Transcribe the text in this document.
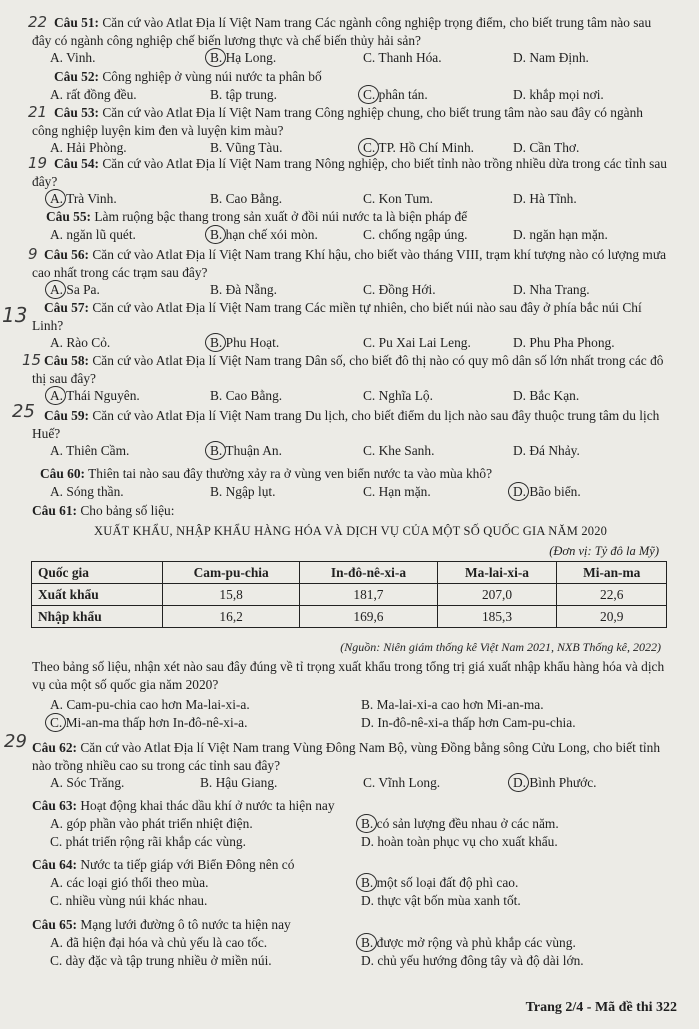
22 Câu 51: Căn cứ vào Atlat Địa lí Việt Nam trang Các ngành công nghiệp trọng điểm, cho biết trung tâm nào sau đây có ngành công nghiệp chế biến lương thực và chế biến thủy hải sản?
A. Vinh.	B. Hạ Long.	C. Thanh Hóa.	D. Nam Định.
Câu 52: Công nghiệp ở vùng núi nước ta phân bố
A. rất đồng đều.	B. tập trung.	C. phân tán.	D. khắp mọi nơi.
21 Câu 53: Căn cứ vào Atlat Địa lí Việt Nam trang Công nghiệp chung, cho biết trung tâm nào sau đây có ngành công nghiệp luyện kim đen và luyện kim màu?
A. Hải Phòng.	B. Vũng Tàu.	C. TP. Hồ Chí Minh.	D. Cần Thơ.
19 Câu 54: Căn cứ vào Atlat Địa lí Việt Nam trang Nông nghiệp, cho biết tỉnh nào trồng nhiều dừa trong các tỉnh sau đây?
A. Trà Vinh.	B. Cao Bằng.	C. Kon Tum.	D. Hà Tĩnh.
Câu 55: Làm ruộng bậc thang trong sản xuất ở đồi núi nước ta là biện pháp để
A. ngăn lũ quét.	B. hạn chế xói mòn.	C. chống ngập úng.	D. ngăn hạn mặn.
9 Câu 56: Căn cứ vào Atlat Địa lí Việt Nam trang Khí hậu, cho biết vào tháng VIII, trạm khí tượng nào có lượng mưa cao nhất trong các trạm sau đây?
A. Sa Pa.	B. Đà Nẵng.	C. Đồng Hới.	D. Nha Trang.
13	Câu 57: Căn cứ vào Atlat Địa lí Việt Nam trang Các miền tự nhiên, cho biết núi nào sau đây ở phía bắc núi Chí Linh?
A. Rào Cỏ.	B. Phu Hoạt.	C. Pu Xai Lai Leng.	D. Phu Pha Phong.
15 Câu 58: Căn cứ vào Atlat Địa lí Việt Nam trang Dân số, cho biết đô thị nào có quy mô dân số lớn nhất trong các đô thị sau đây?
A. Thái Nguyên.	B. Cao Bằng.	C. Nghĩa Lộ.	D. Bắc Kạn.
25 Câu 59: Căn cứ vào Atlat Địa lí Việt Nam trang Du lịch, cho biết điểm du lịch nào sau đây thuộc trung tâm du lịch Huế?
A. Thiên Cầm.	B. Thuận An.	C. Khe Sanh.	D. Đá Nhảy.
Câu 60: Thiên tai nào sau đây thường xảy ra ở vùng ven biển nước ta vào mùa khô?
A. Sóng thần.	B. Ngập lụt.	C. Hạn mặn.	D. Bão biển.
Câu 61: Cho bảng số liệu:
XUẤT KHẨU, NHẬP KHẨU HÀNG HÓA VÀ DỊCH VỤ CỦA MỘT SỐ QUỐC GIA NĂM 2020
(Đơn vị: Tỷ đô la Mỹ)
Quốc gia	Cam-pu-chia	In-đô-nê-xi-a	Ma-lai-xi-a	Mi-an-ma
Xuất khẩu	15,8	181,7	207,0	22,6
Nhập khẩu	16,2	169,6	185,3	20,9
(Nguồn: Niên giám thống kê Việt Nam 2021, NXB Thống kê, 2022)
Theo bảng số liệu, nhận xét nào sau đây đúng về tỉ trọng xuất khẩu trong tổng trị giá xuất nhập khẩu hàng hóa và dịch vụ của một số quốc gia năm 2020?
A. Cam-pu-chia cao hơn Ma-lai-xi-a.	B. Ma-lai-xi-a cao hơn Mi-an-ma.
C. Mi-an-ma thấp hơn In-đô-nê-xi-a.	D. In-đô-nê-xi-a thấp hơn Cam-pu-chia.
29 Câu 62: Căn cứ vào Atlat Địa lí Việt Nam trang Vùng Đông Nam Bộ, vùng Đồng bằng sông Cửu Long, cho biết tỉnh nào trồng nhiều cao su trong các tỉnh sau đây?
A. Sóc Trăng.	B. Hậu Giang.	C. Vĩnh Long.	D. Bình Phước.
Câu 63: Hoạt động khai thác dầu khí ở nước ta hiện nay
A. góp phần vào phát triển nhiệt điện.	B. có sản lượng đều nhau ở các năm.
C. phát triển rộng rãi khắp các vùng.	D. hoàn toàn phục vụ cho xuất khẩu.
Câu 64: Nước ta tiếp giáp với Biển Đông nên có
A. các loại gió thổi theo mùa.	B. một số loại đất độ phì cao.
C. nhiều vùng núi khác nhau.	D. thực vật bốn mùa xanh tốt.
Câu 65: Mạng lưới đường ô tô nước ta hiện nay
A. đã hiện đại hóa và chủ yếu là cao tốc.	B. được mở rộng và phủ khắp các vùng.
C. dày đặc và tập trung nhiều ở miền núi.	D. chủ yếu hướng đông tây và độ dài lớn.
Trang 2/4 - Mã đề thi 322
